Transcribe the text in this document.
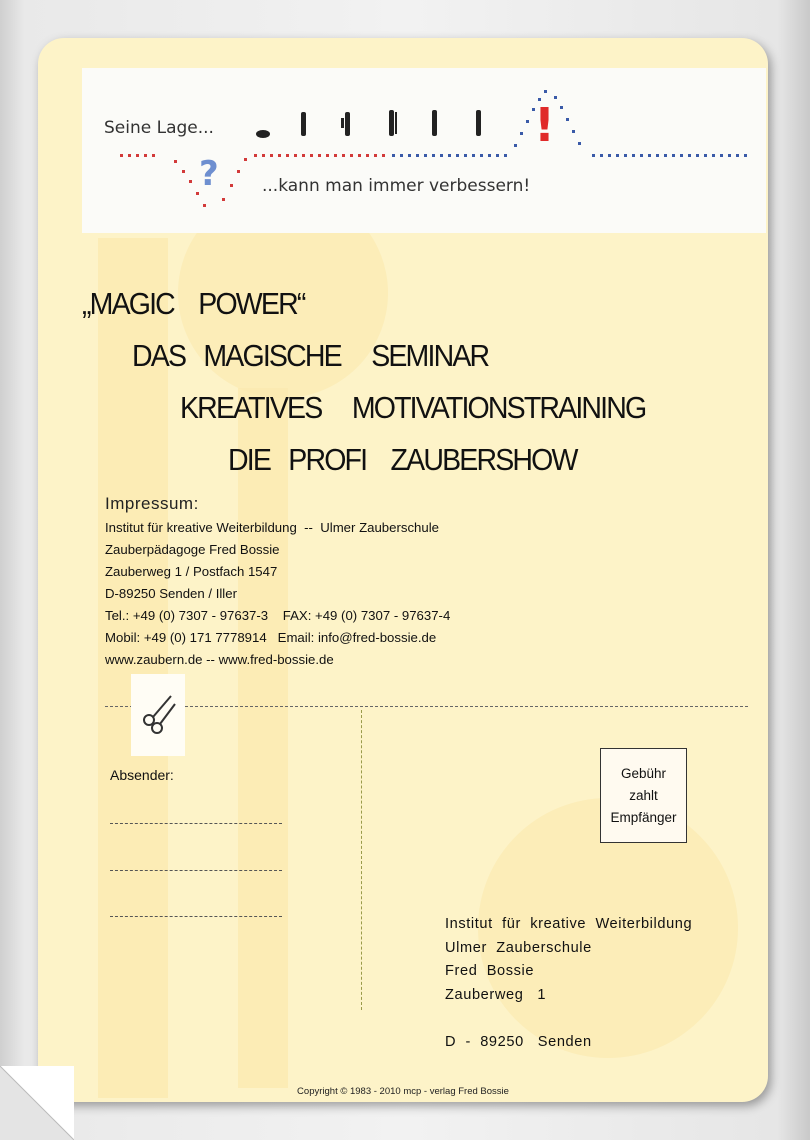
Seine Lage...
...kann man immer verbessern!
?
!
„MAGIC    POWER“
DAS   MAGISCHE     SEMINAR
KREATIVES     MOTIVATIONSTRAINING
DIE   PROFI    ZAUBERSHOW
Impressum:
Institut für kreative Weiterbildung  --  Ulmer Zauberschule
Zauberpädagoge Fred Bossie
Zauberweg 1 / Postfach 1547
D-89250 Senden / Iller
Tel.: +49 (0) 7307 - 97637-3    FAX: +49 (0) 7307 - 97637-4
Mobil: +49 (0) 171 7778914   Email: info@fred-bossie.de
www.zaubern.de -- www.fred-bossie.de
Absender:	Gebühr
zahlt
Empfänger
Institut  für  kreative  Weiterbildung
Ulmer  Zauberschule
Fred  Bossie
Zauberweg   1
D  -  89250   Senden
Copyright © 1983 - 2010 mcp - verlag Fred Bossie
